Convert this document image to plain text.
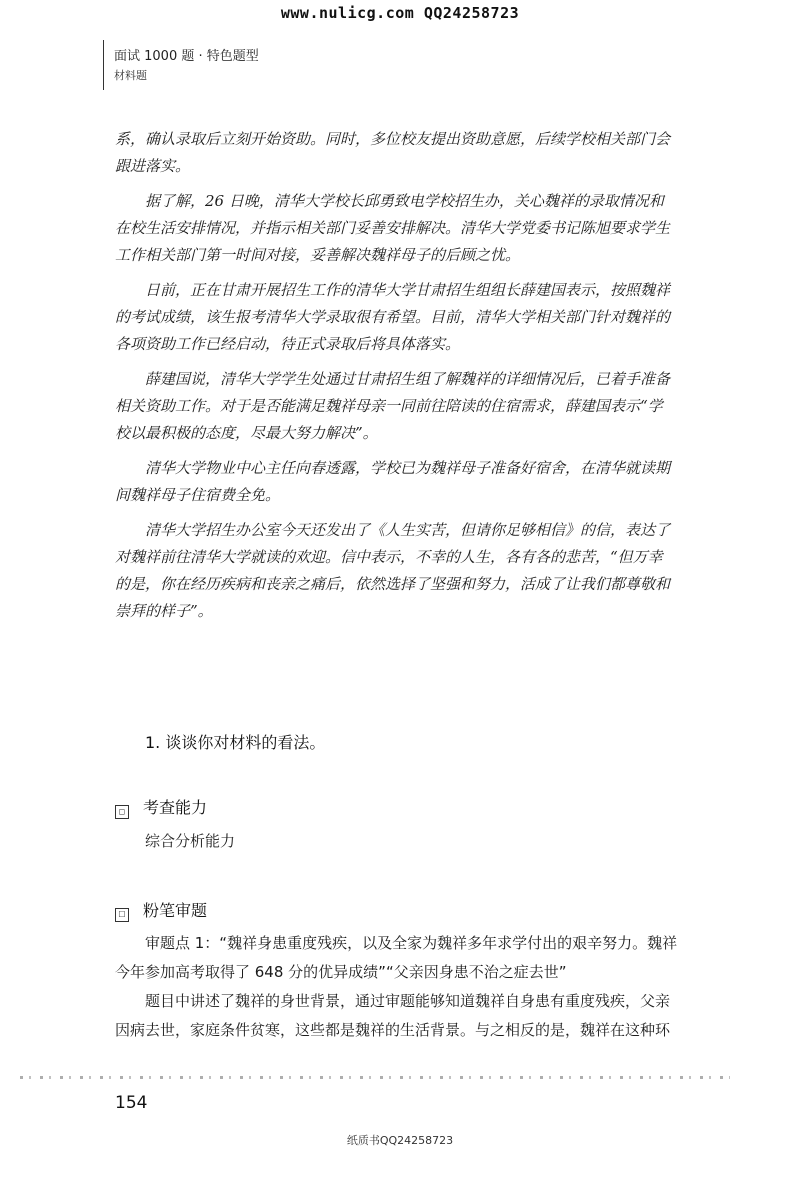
www.nulicg.com QQ24258723
面试 1000 题 · 特色题型
材料题
系，确认录取后立刻开始资助。同时，多位校友提出资助意愿，后续学校相关部门会
跟进落实。
据了解，26 日晚，清华大学校长邱勇致电学校招生办，关心魏祥的录取情况和
在校生活安排情况，并指示相关部门妥善安排解决。清华大学党委书记陈旭要求学生
工作相关部门第一时间对接，妥善解决魏祥母子的后顾之忧。
日前，正在甘肃开展招生工作的清华大学甘肃招生组组长薛建国表示，按照魏祥
的考试成绩，该生报考清华大学录取很有希望。目前，清华大学相关部门针对魏祥的
各项资助工作已经启动，待正式录取后将具体落实。
薛建国说，清华大学学生处通过甘肃招生组了解魏祥的详细情况后，已着手准备
相关资助工作。对于是否能满足魏祥母亲一同前往陪读的住宿需求，薛建国表示“学
校以最积极的态度，尽最大努力解决”。
清华大学物业中心主任向春透露，学校已为魏祥母子准备好宿舍，在清华就读期
间魏祥母子住宿费全免。
清华大学招生办公室今天还发出了《人生实苦，但请你足够相信》的信，表达了
对魏祥前往清华大学就读的欢迎。信中表示，不幸的人生，各有各的悲苦，“但万幸
的是，你在经历疾病和丧亲之痛后，依然选择了坚强和努力，活成了让我们都尊敬和
崇拜的样子”。
1. 谈谈你对材料的看法。
◻ 考查能力
综合分析能力
☐ 粉笔审题
审题点 1：“魏祥身患重度残疾，以及全家为魏祥多年求学付出的艰辛努力。魏祥
今年参加高考取得了 648 分的优异成绩”“父亲因身患不治之症去世”
题目中讲述了魏祥的身世背景，通过审题能够知道魏祥自身患有重度残疾，父亲
因病去世，家庭条件贫寒，这些都是魏祥的生活背景。与之相反的是，魏祥在这种环
154
纸质书QQ24258723
